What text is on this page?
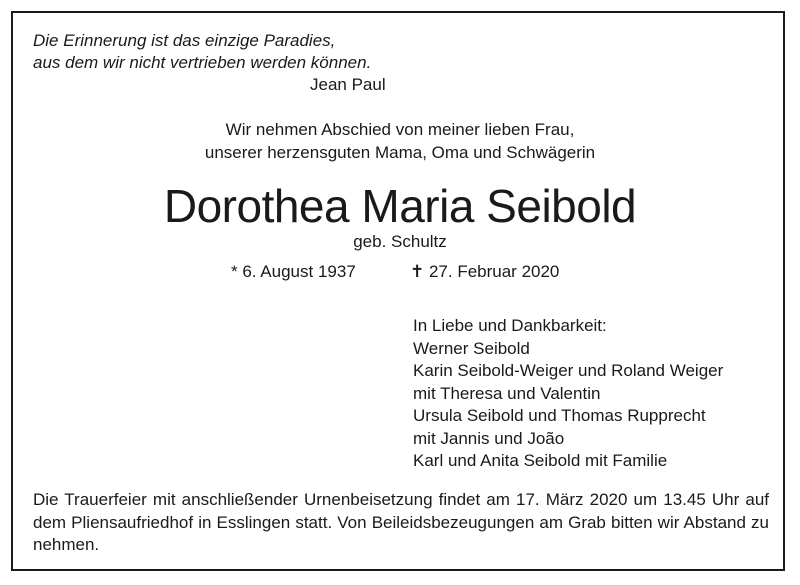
Die Erinnerung ist das einzige Paradies,
aus dem wir nicht vertrieben werden können.
Jean Paul
Wir nehmen Abschied von meiner lieben Frau,
unserer herzensguten Mama, Oma und Schwägerin
Dorothea Maria Seibold
geb. Schultz
* 6. August 1937	✝ 27. Februar 2020
In Liebe und Dankbarkeit:
Werner Seibold
Karin Seibold-Weiger und Roland Weiger
mit Theresa und Valentin
Ursula Seibold und Thomas Rupprecht
mit Jannis und João
Karl und Anita Seibold mit Familie
Die Trauerfeier mit anschließender Urnenbeisetzung findet am 17. März 2020 um 13.45 Uhr auf dem Pliensaufriedhof in Esslingen statt. Von Beileidsbezeugungen am Grab bitten wir Abstand zu nehmen.
